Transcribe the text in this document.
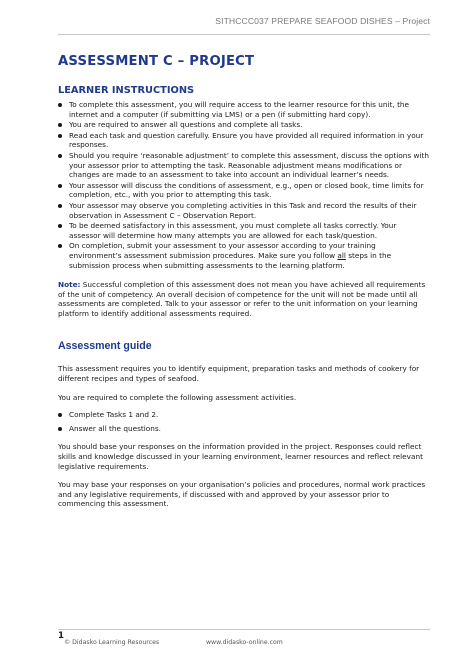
SITHCCC037 PREPARE SEAFOOD DISHES – Project
ASSESSMENT C – PROJECT
LEARNER INSTRUCTIONS
To complete this assessment, you will require access to the learner resource for this unit, the internet and a computer (if submitting via LMS) or a pen (if submitting hard copy).
You are required to answer all questions and complete all tasks.
Read each task and question carefully. Ensure you have provided all required information in your responses.
Should you require ‘reasonable adjustment’ to complete this assessment, discuss the options with your assessor prior to attempting the task. Reasonable adjustment means modifications or changes are made to an assessment to take into account an individual learner’s needs.
Your assessor will discuss the conditions of assessment, e.g., open or closed book, time limits for completion, etc., with you prior to attempting this task.
Your assessor may observe you completing activities in this Task and record the results of their observation in Assessment C – Observation Report.
To be deemed satisfactory in this assessment, you must complete all tasks correctly. Your assessor will determine how many attempts you are allowed for each task/question.
On completion, submit your assessment to your assessor according to your training environment’s assessment submission procedures. Make sure you follow all steps in the submission process when submitting assessments to the learning platform.

Note: Successful completion of this assessment does not mean you have achieved all requirements of the unit of competency. An overall decision of competence for the unit will not be made until all assessments are completed. Talk to your assessor or refer to the unit information on your learning platform to identify additional assessments required.

Assessment guide

This assessment requires you to identify equipment, preparation tasks and methods of cookery for different recipes and types of seafood.

You are required to complete the following assessment activities.

Complete Tasks 1 and 2.
Answer all the questions.

You should base your responses on the information provided in the project. Responses could reflect skills and knowledge discussed in your learning environment, learner resources and reflect relevant legislative requirements.

You may base your responses on your organisation’s policies and procedures, normal work practices and any legislative requirements, if discussed with and approved by your assessor prior to commencing this assessment.

1
© Didasko Learning Resources	www.didasko-online.com
